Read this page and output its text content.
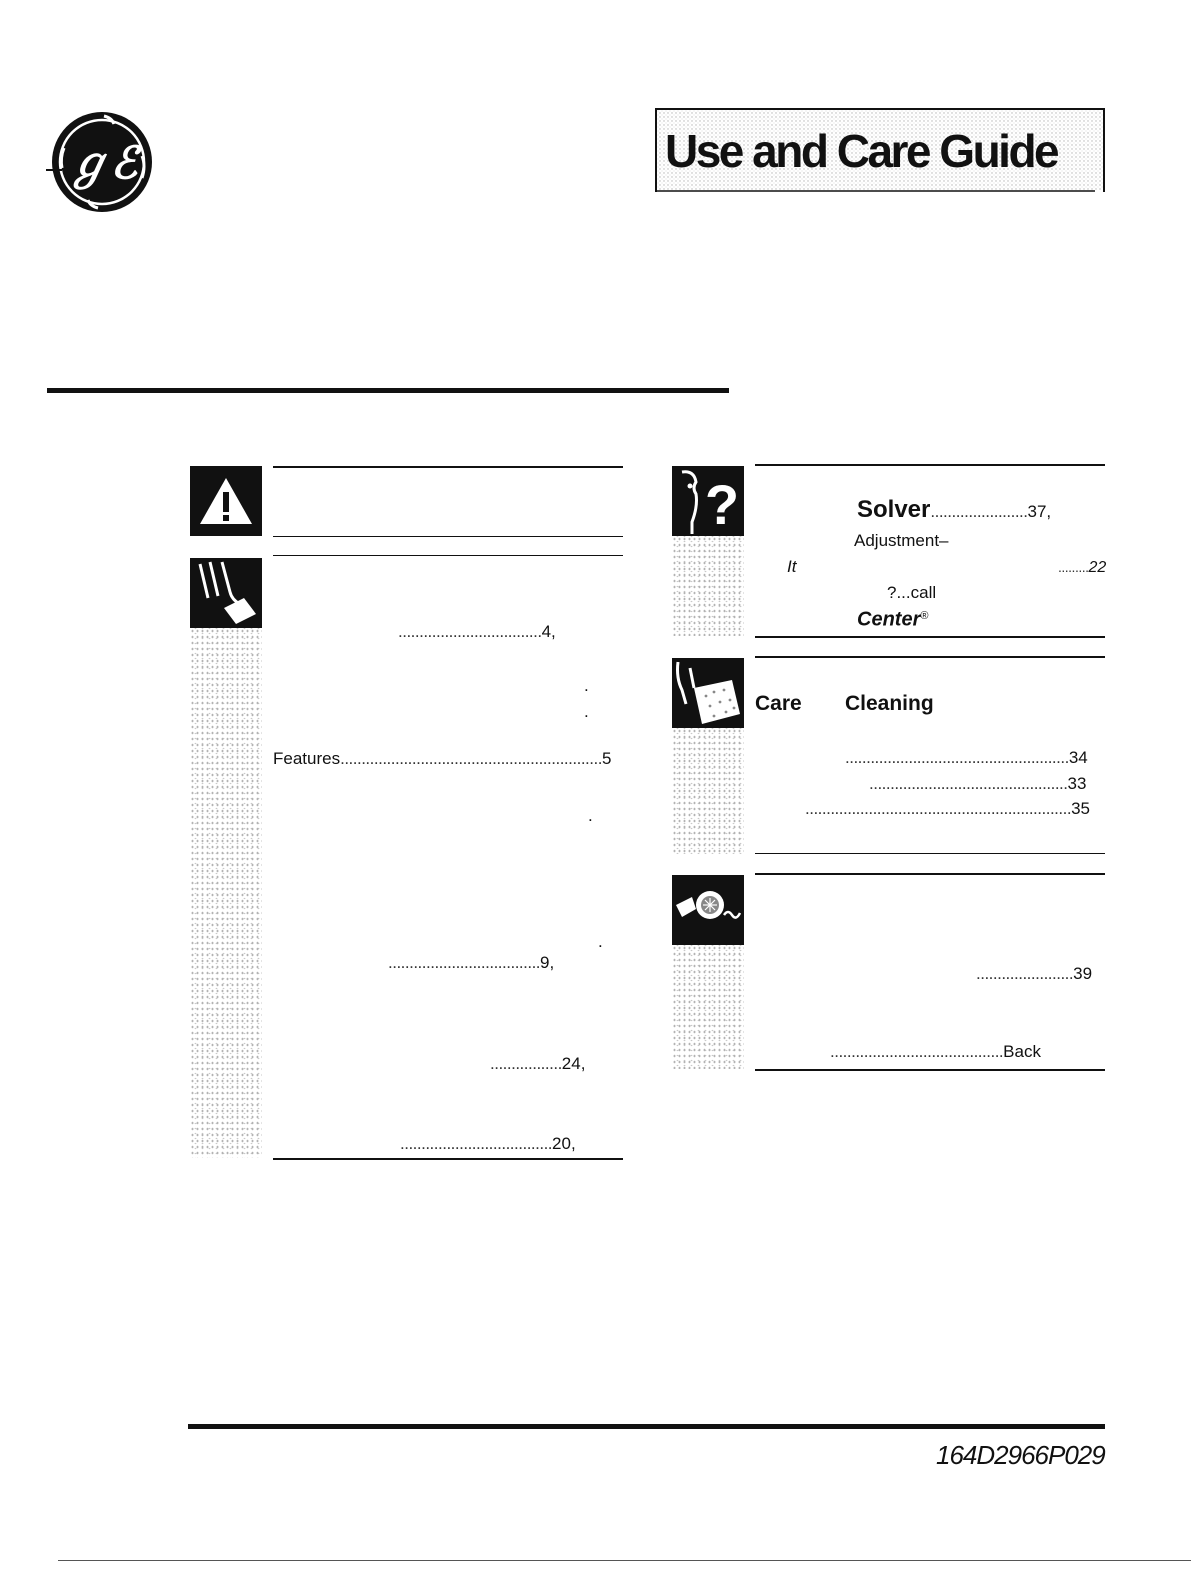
ℊℰ	Use and Care Guide
..................................4,
.
.
Features..............................................................5
.
.
....................................9,
.................24,
....................................20,
?	Solver.......................37,
Adjustment–
It	.........22
?...call
Center®
Care Cleaning
.....................................................34
...............................................33
...............................................................35
.......................39
.........................................Back
164D2966P029
